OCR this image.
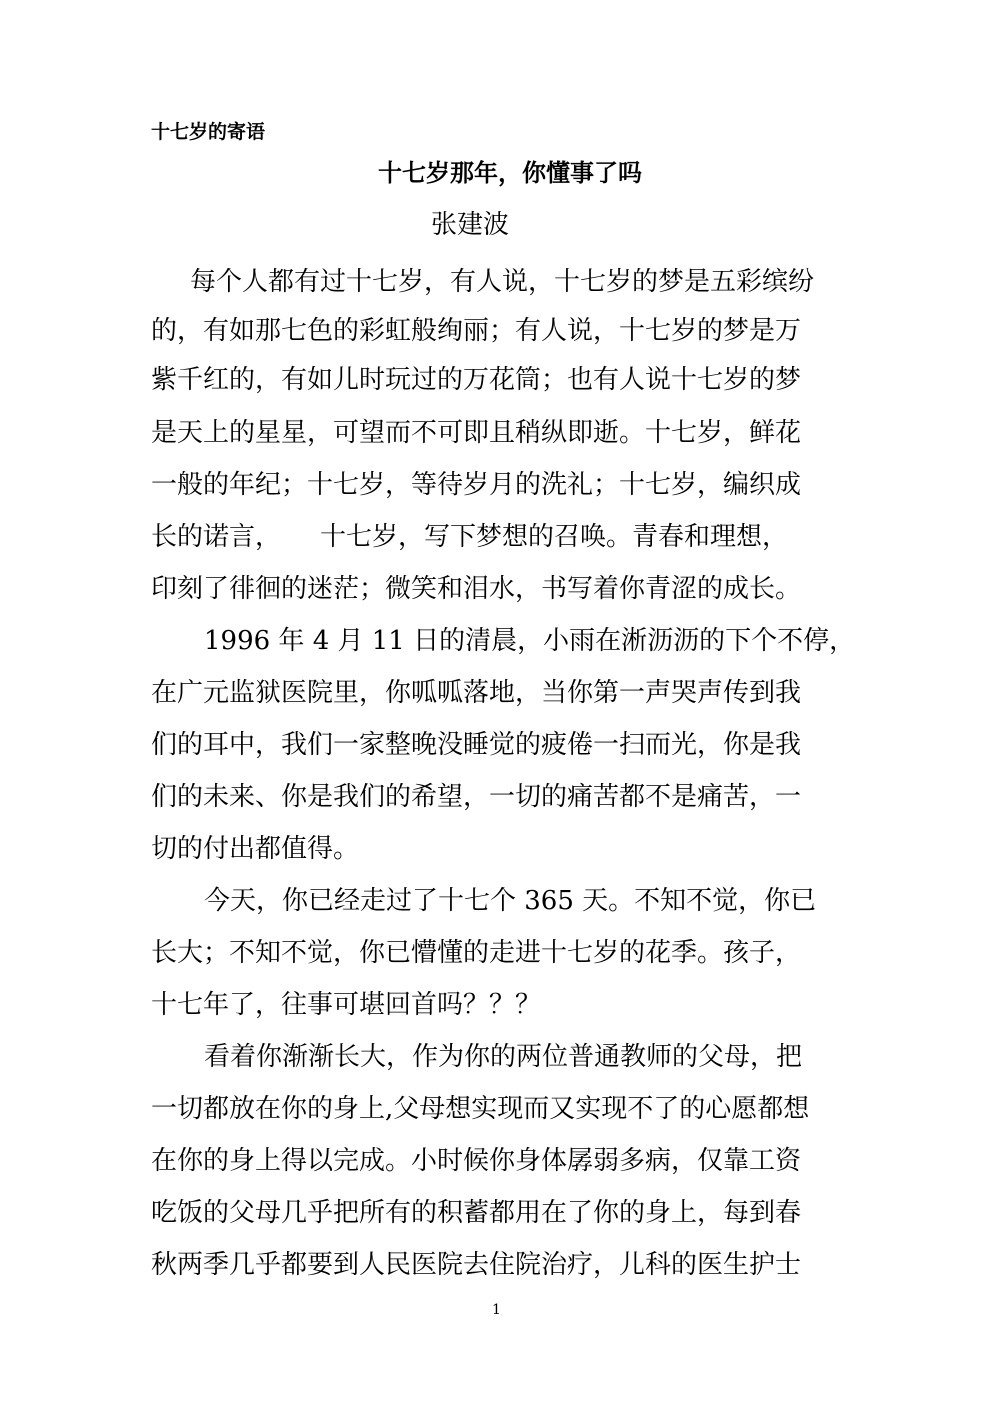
十七岁的寄语
十七岁那年，你懂事了吗
张建波
每个人都有过十七岁，有人说，十七岁的梦是五彩缤纷
的，有如那七色的彩虹般绚丽；有人说，十七岁的梦是万
紫千红的，有如儿时玩过的万花筒；也有人说十七岁的梦
是天上的星星，可望而不可即且稍纵即逝。十七岁，鲜花
一般的年纪；十七岁，等待岁月的洗礼；十七岁，编织成
长的诺言，　　十七岁，写下梦想的召唤。青春和理想，
印刻了徘徊的迷茫；微笑和泪水，书写着你青涩的成长。
1996 年 4 月 11 日的清晨，小雨在淅沥沥的下个不停，
在广元监狱医院里，你呱呱落地，当你第一声哭声传到我
们的耳中，我们一家整晚没睡觉的疲倦一扫而光，你是我
们的未来、你是我们的希望，一切的痛苦都不是痛苦，一
切的付出都值得。
今天，你已经走过了十七个 365 天。不知不觉，你已
长大；不知不觉，你已懵懂的走进十七岁的花季。孩子，
十七年了，往事可堪回首吗？？？
看着你渐渐长大，作为你的两位普通教师的父母，把
一切都放在你的身上,父母想实现而又实现不了的心愿都想
在你的身上得以完成。小时候你身体孱弱多病，仅靠工资
吃饭的父母几乎把所有的积蓄都用在了你的身上，每到春
秋两季几乎都要到人民医院去住院治疗，儿科的医生护士
1
